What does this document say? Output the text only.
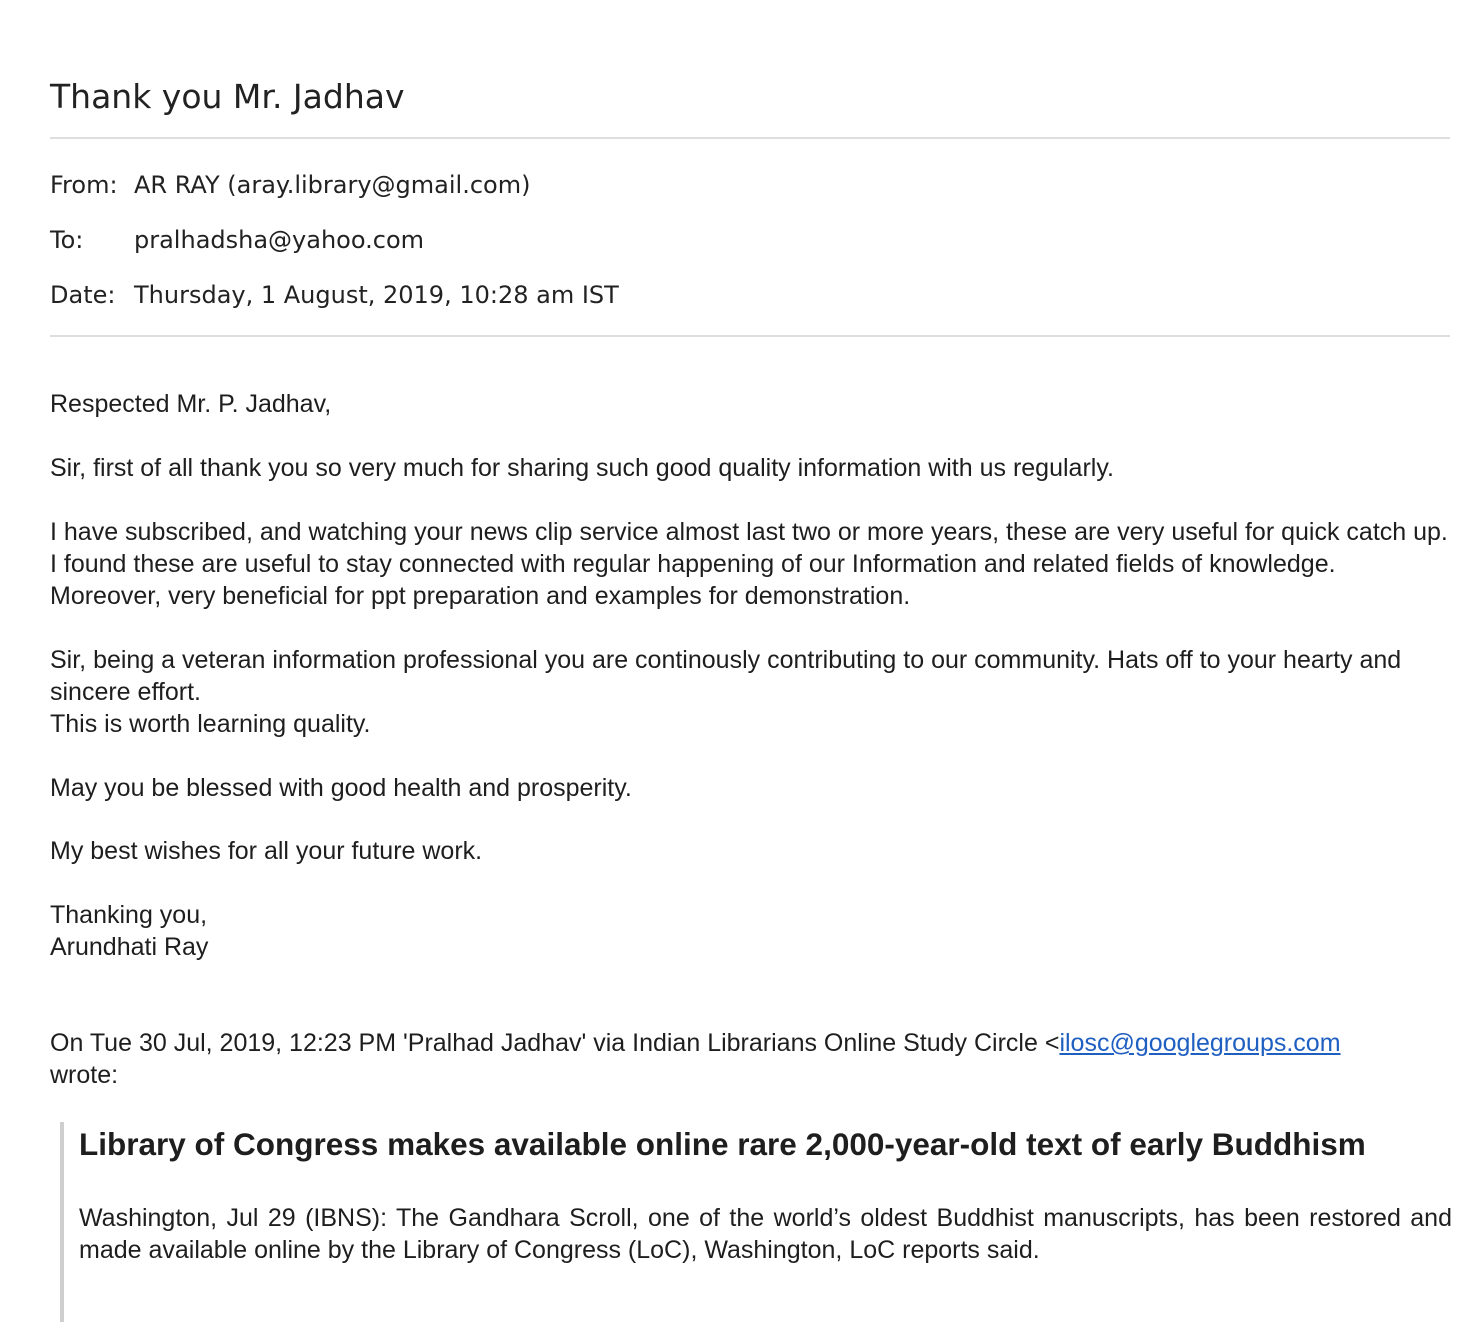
Thank you Mr. Jadhav
From: AR RAY (aray.library@gmail.com)
To: pralhadsha@yahoo.com
Date: Thursday, 1 August, 2019, 10:28 am IST

Respected Mr. P. Jadhav,

Sir, first of all thank you so very much for sharing such good quality information with us regularly.

I have subscribed, and watching your news clip service almost last two or more years, these are very useful for quick catch up. I found these are useful to stay connected with regular happening of our Information and related fields of knowledge. Moreover, very beneficial for ppt preparation and examples for demonstration.

Sir, being a veteran information professional you are continously contributing to our community. Hats off to your hearty and sincere effort.

This is worth learning quality.

May you be blessed with good health and prosperity.

My best wishes for all your future work.

Thanking you,

Arundhati Ray

On Tue 30 Jul, 2019, 12:23 PM 'Pralhad Jadhav' via Indian Librarians Online Study Circle <ilosc@googlegroups.com

wrote:

Library of Congress makes available online rare 2,000-year-old text of early Buddhism

Washington, Jul 29 (IBNS): The Gandhara Scroll, one of the world’s oldest Buddhist manuscripts, has been restored and made available online by the Library of Congress (LoC), Washington, LoC reports said.
